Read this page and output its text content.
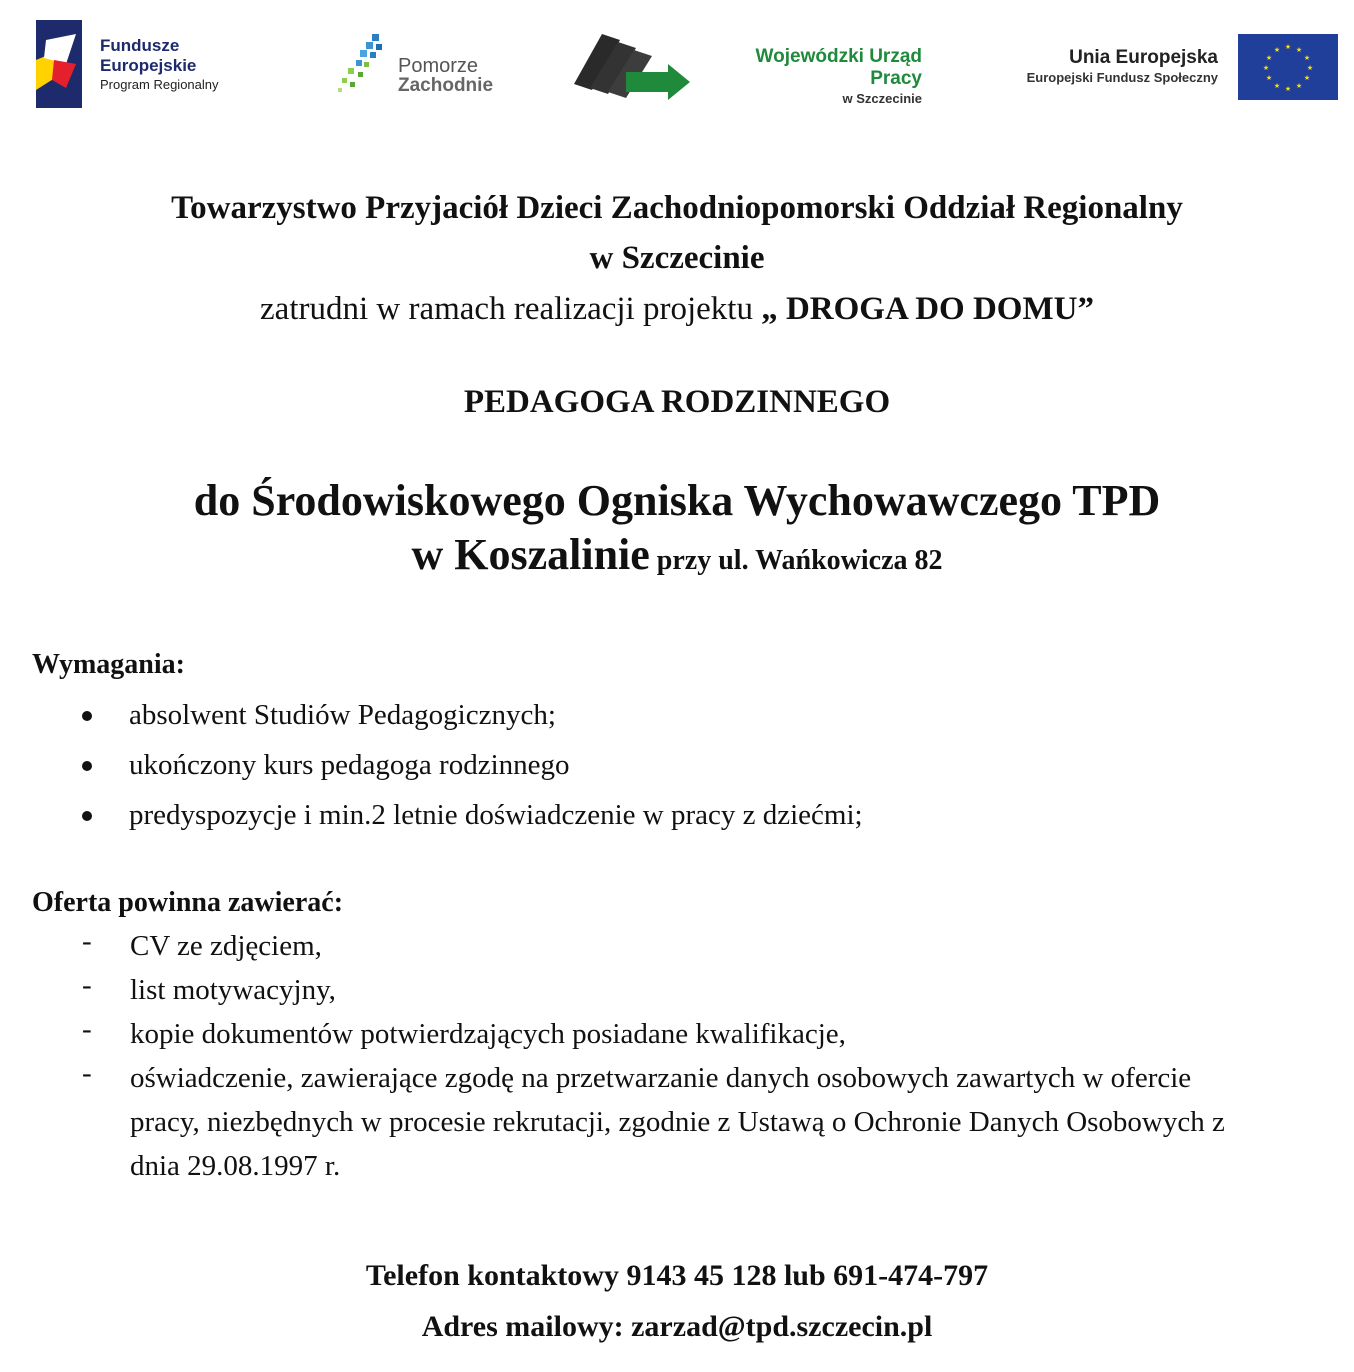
Fundusze
Europejskie
Program Regionalny
Pomorze
Zachodnie
Wojewódzki Urząd Pracy
w Szczecinie
Unia Europejska
Europejski Fundusz Społeczny
★ ★
★
★
★
★
★
★
★
★
★
★
Towarzystwo Przyjaciół Dzieci Zachodniopomorski Oddział Regionalny
w Szczecinie
zatrudni w ramach realizacji projektu „ DROGA DO DOMU”
PEDAGOGA RODZINNEGO
do Środowiskowego Ogniska Wychowawczego TPD
w Koszalinie przy ul. Wańkowicza 82
Wymagania:
absolwent Studiów Pedagogicznych;
ukończony kurs pedagoga rodzinnego
predyspozycje i min.2 letnie doświadczenie w pracy z dziećmi;
Oferta powinna zawierać:
- CV ze zdjęciem,
- list motywacyjny,
- kopie dokumentów potwierdzających posiadane kwalifikacje,
- oświadczenie, zawierające zgodę na przetwarzanie danych osobowych zawartych w ofercie pracy, niezbędnych w procesie rekrutacji, zgodnie z Ustawą o Ochronie Danych Osobowych z dnia 29.08.1997 r.
Telefon kontaktowy 9143 45 128 lub 691-474-797
Adres mailowy: zarzad@tpd.szczecin.pl
